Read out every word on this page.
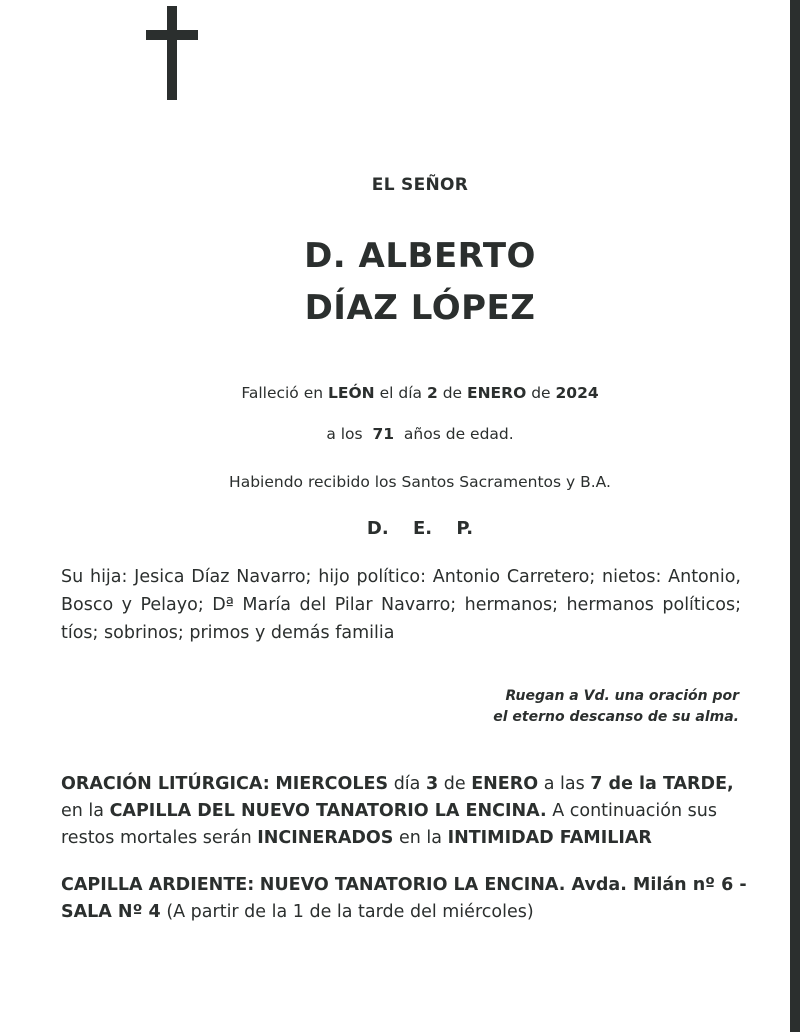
EL SEÑOR
D. ALBERTO
DÍAZ LÓPEZ
Falleció en LEÓN el día 2 de ENERO de 2024
a los 71 años de edad.
Habiendo recibido los Santos Sacramentos y B.A.
D. E. P.
Su hija: Jesica Díaz Navarro; hijo político: Antonio Carretero; nietos: Antonio, Bosco y Pelayo; Dª María del Pilar Navarro; hermanos; hermanos políticos; tíos; sobrinos; primos y demás familia
Ruegan a Vd. una oración por
el eterno descanso de su alma.
ORACIÓN LITÚRGICA: MIERCOLES día 3 de ENERO a las 7 de la TARDE, en la CAPILLA DEL NUEVO TANATORIO LA ENCINA. A continuación sus restos mortales serán INCINERADOS en la INTIMIDAD FAMILIAR
CAPILLA ARDIENTE: NUEVO TANATORIO LA ENCINA. Avda. Milán nº 6 - SALA Nº 4 (A partir de la 1 de la tarde del miércoles)
